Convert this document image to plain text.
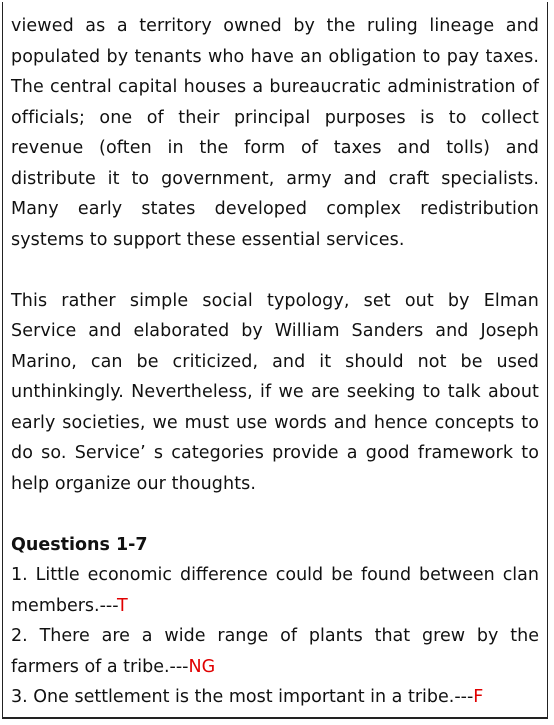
viewed as a territory owned by the ruling lineage and populated by tenants who have an obligation to pay taxes. The central capital houses a bureaucratic administration of officials; one of their principal purposes is to collect revenue (often in the form of taxes and tolls) and distribute it to government, army and craft specialists. Many early states developed complex redistribution systems to support these essential services.

This rather simple social typology, set out by Elman Service and elaborated by William Sanders and Joseph Marino, can be criticized, and it should not be used unthinkingly. Nevertheless, if we are seeking to talk about early societies, we must use words and hence concepts to do so. Service’ s categories provide a good framework to help organize our thoughts.

Questions 1-7

1. Little economic difference could be found between clan members.---T

2. There are a wide range of plants that grew by the farmers of a tribe.---NG

3. One settlement is the most important in a tribe.---F
